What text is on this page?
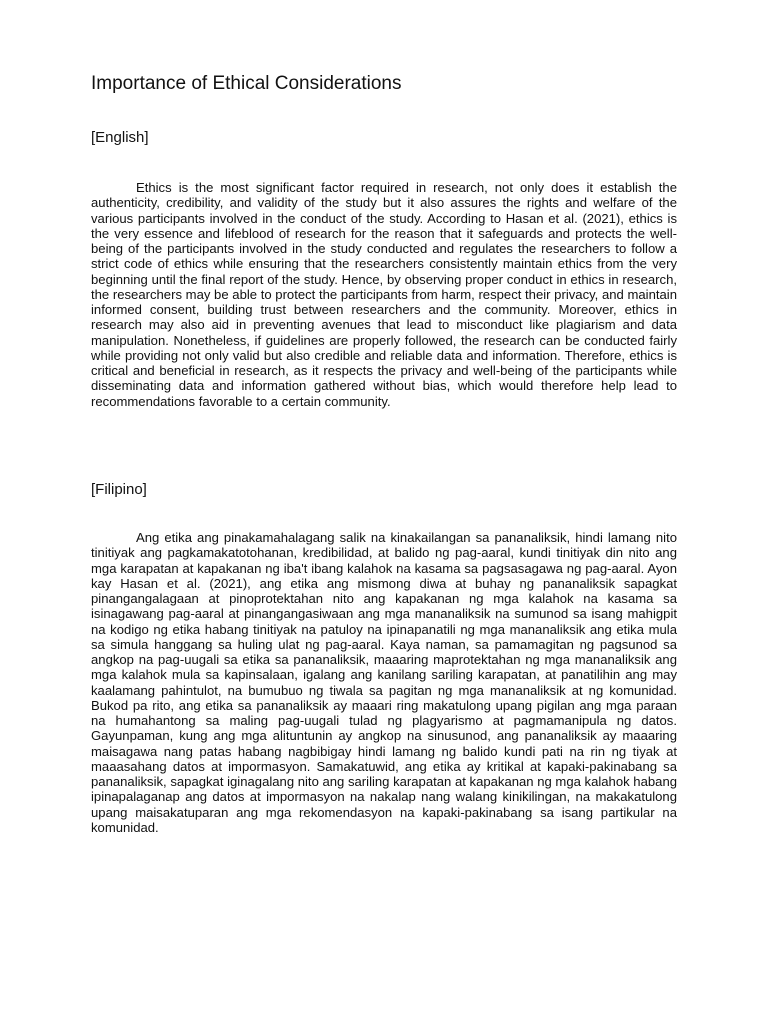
Importance of Ethical Considerations
[English]

Ethics is the most significant factor required in research, not only does it establish the authenticity, credibility, and validity of the study but it also assures the rights and welfare of the various participants involved in the conduct of the study. According to Hasan et al. (2021), ethics is the very essence and lifeblood of research for the reason that it safeguards and protects the well-being of the participants involved in the study conducted and regulates the researchers to follow a strict code of ethics while ensuring that the researchers consistently maintain ethics from the very beginning until the final report of the study. Hence, by observing proper conduct in ethics in research, the researchers may be able to protect the participants from harm, respect their privacy, and maintain informed consent, building trust between researchers and the community. Moreover, ethics in research may also aid in preventing avenues that lead to misconduct like plagiarism and data manipulation. Nonetheless, if guidelines are properly followed, the research can be conducted fairly while providing not only valid but also credible and reliable data and information. Therefore, ethics is critical and beneficial in research, as it respects the privacy and well-being of the participants while disseminating data and information gathered without bias, which would therefore help lead to recommendations favorable to a certain community.

[Filipino]

Ang etika ang pinakamahalagang salik na kinakailangan sa pananaliksik, hindi lamang nito tinitiyak ang pagkamakatotohanan, kredibilidad, at balido ng pag-aaral, kundi tinitiyak din nito ang mga karapatan at kapakanan ng iba't ibang kalahok na kasama sa pagsasagawa ng pag-aaral. Ayon kay Hasan et al. (2021), ang etika ang mismong diwa at buhay ng pananaliksik sapagkat pinangangalagaan at pinoprotektahan nito ang kapakanan ng mga kalahok na kasama sa isinagawang pag-aaral at pinangangasiwaan ang mga mananaliksik na sumunod sa isang mahigpit na kodigo ng etika habang tinitiyak na patuloy na ipinapanatili ng mga mananaliksik ang etika mula sa simula hanggang sa huling ulat ng pag-aaral. Kaya naman, sa pamamagitan ng pagsunod sa angkop na pag-uugali sa etika sa pananaliksik, maaaring maprotektahan ng mga mananaliksik ang mga kalahok mula sa kapinsalaan, igalang ang kanilang sariling karapatan, at panatilihin ang may kaalamang pahintulot, na bumubuo ng tiwala sa pagitan ng mga mananaliksik at ng komunidad. Bukod pa rito, ang etika sa pananaliksik ay maaari ring makatulong upang pigilan ang mga paraan na humahantong sa maling pag-uugali tulad ng plagyarismo at pagmamanipula ng datos. Gayunpaman, kung ang mga alituntunin ay angkop na sinusunod, ang pananaliksik ay maaaring maisagawa nang patas habang nagbibigay hindi lamang ng balido kundi pati na rin ng tiyak at maaasahang datos at impormasyon. Samakatuwid, ang etika ay kritikal at kapaki-pakinabang sa pananaliksik, sapagkat iginagalang nito ang sariling karapatan at kapakanan ng mga kalahok habang ipinapalaganap ang datos at impormasyon na nakalap nang walang kinikilingan, na makakatulong upang maisakatuparan ang mga rekomendasyon na kapaki-pakinabang sa isang partikular na komunidad.
